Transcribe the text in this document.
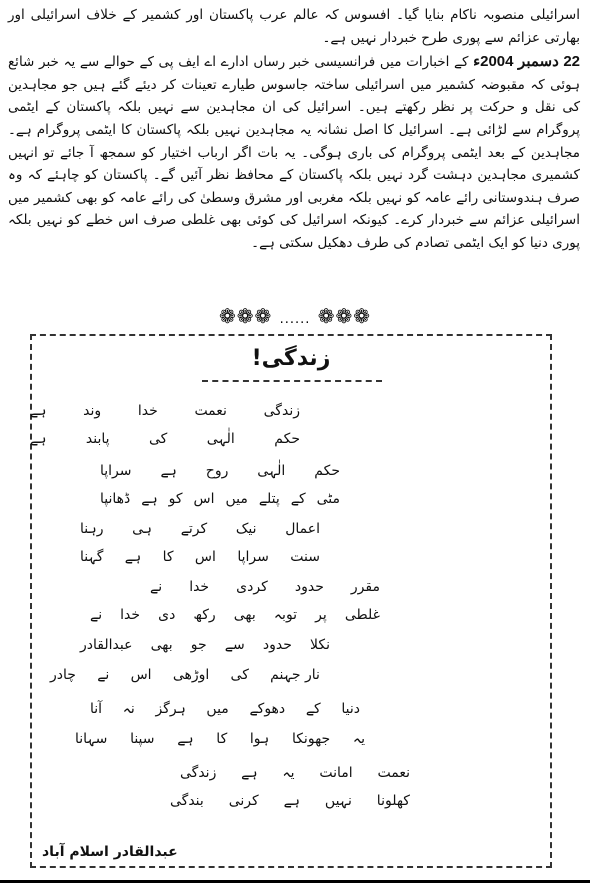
اسرائیلی منصوبہ ناکام بنایا گیا۔ افسوس کہ عالم عرب پاکستان اور کشمیر کے خلاف اسرائیلی اور بھارتی عزائم سے پوری طرح خبردار نہیں ہے۔

22 دسمبر 2004ء کے اخبارات میں فرانسیسی خبر رساں ادارے اے ایف پی کے حوالے سے یہ خبر شائع ہوئی کہ مقبوضہ کشمیر میں اسرائیلی ساختہ جاسوس طیارے تعینات کر دیئے گئے ہیں جو مجاہدین کی نقل و حرکت پر نظر رکھتے ہیں۔ اسرائیل کی ان مجاہدین سے نہیں بلکہ پاکستان کے ایٹمی پروگرام سے لڑائی ہے۔ اسرائیل کا اصل نشانہ یہ مجاہدین نہیں بلکہ پاکستان کا ایٹمی پروگرام ہے۔ مجاہدین کے بعد ایٹمی پروگرام کی باری ہوگی۔ یہ بات اگر ارباب اختیار کو سمجھ آ جائے تو انہیں کشمیری مجاہدین دہشت گرد نہیں بلکہ پاکستان کے محافظ نظر آئیں گے۔ پاکستان کو چاہئے کہ وہ صرف ہندوستانی رائے عامہ کو نہیں بلکہ مغربی اور مشرق وسطیٰ کی رائے عامہ کو بھی کشمیر میں اسرائیلی عزائم سے خبردار کرے۔ کیونکہ اسرائیل کی کوئی بھی غلطی صرف اس خطے کو نہیں بلکہ پوری دنیا کو ایک ایٹمی تصادم کی طرف دھکیل سکتی ہے۔

❁❁❁ ...... ❁❁❁
زندگی!
عبدالقادر اسلام آباد
زندگی
نعمت
خدا
وند
ہے
حکم
الٰہی
کی
پابند
ہے
حکم
الٰہی
روح
ہے
سراپا
مٹی
کے
پتلے
میں
اس
کو
ہے
ڈھانپا
اعمال
نیک
کرتے
ہی
رہنا
سنت
سراپا
اس
کا
ہے
گہنا
مقرر
حدود
کردی
خدا
نے
غلطی
پر
توبہ
بھی
رکھ
دی
خدا
نے
نکلا
حدود
سے
جو
بھی
عبدالقادر
نار جہنم
کی
اوڑھی
اس
نے
چادر
دنیا
کے
دھوکے
میں
ہرگز
نہ
آنا
یہ
جھونکا
ہوا
کا
ہے
سپنا
سہانا
نعمت
امانت
یہ
ہے
زندگی
کھلونا
نہیں
ہے
کرنی
بندگی
